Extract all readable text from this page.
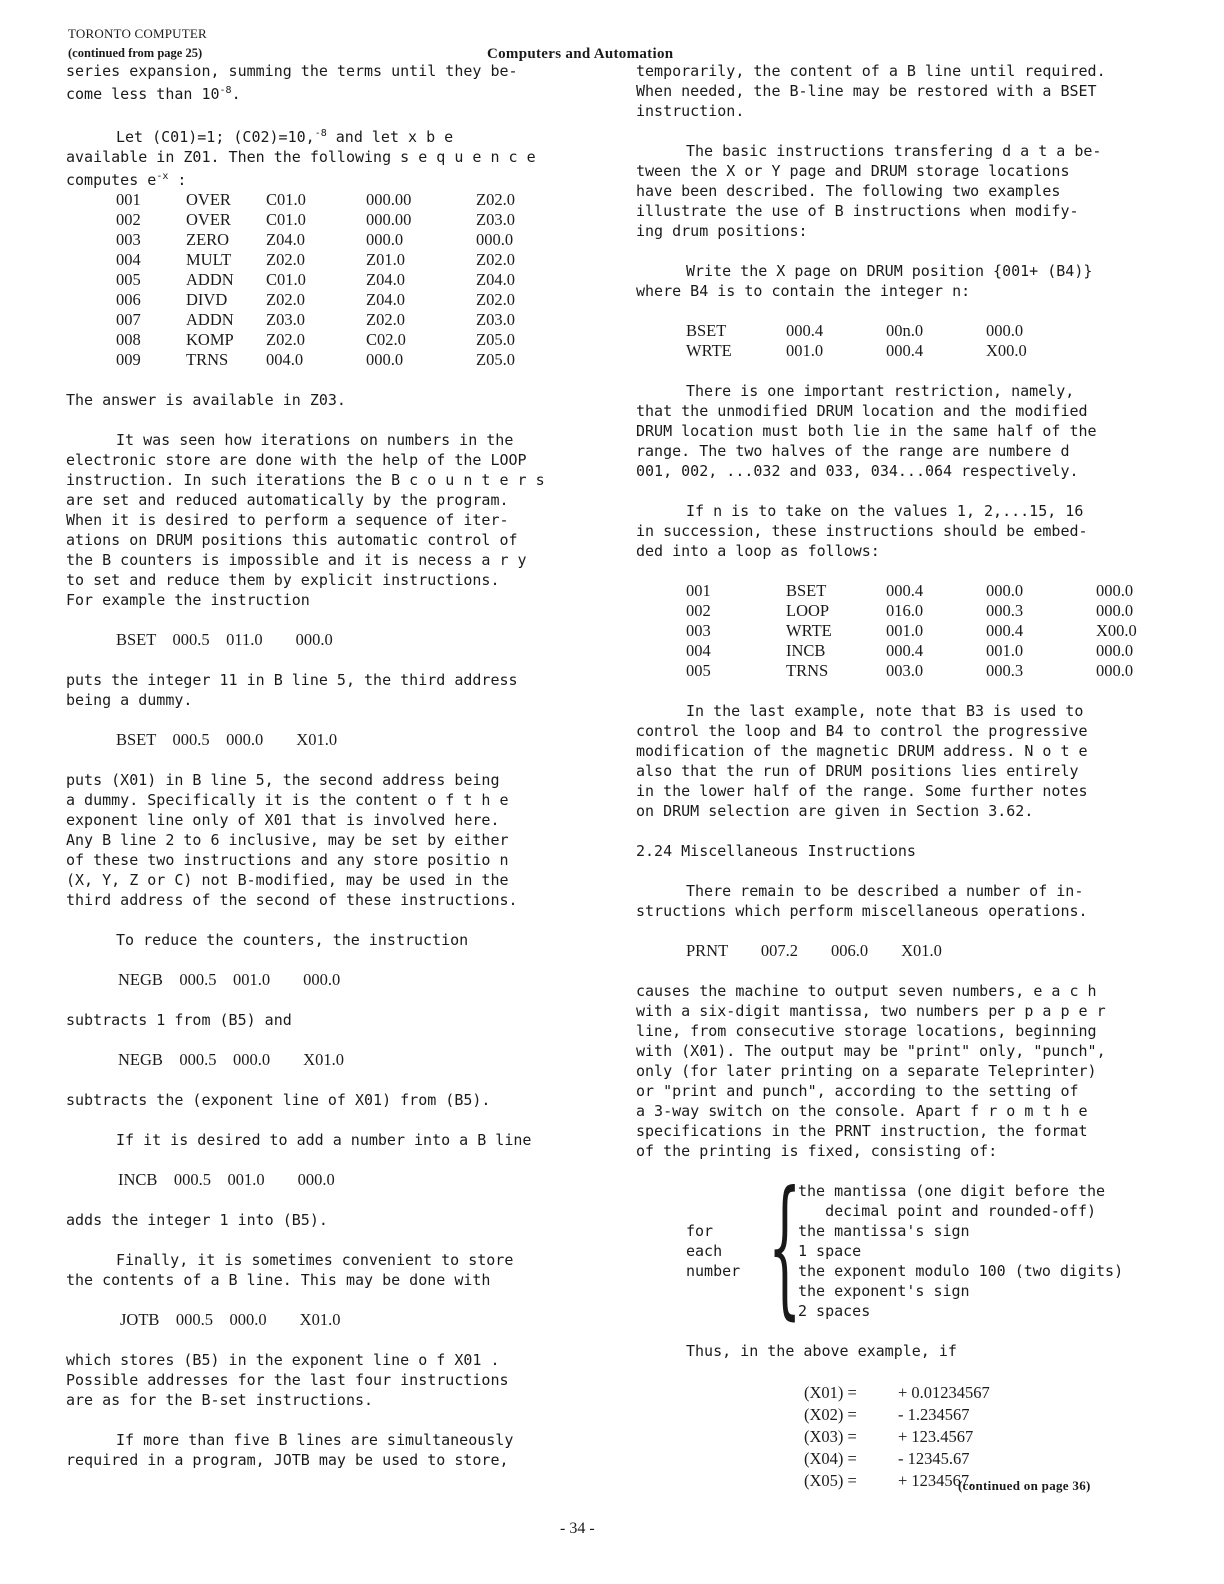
TORONTO COMPUTER
(continued from page 25)	Computers and Automation

series expansion, summing the terms until they be-

come less than $10^{-8}$.

Let (C01)=1; (C02)=10,$^{-8}$ and let x b e

available in Z01. Then the following s e q u e n c e

computes $e^{-x}$ :

001	OVER	C01.0	000.00	Z02.0
002	OVER	C01.0	000.00	Z03.0
003	ZERO	Z04.0	000.0	000.0
004	MULT	Z02.0	Z01.0	Z02.0
005	ADDN	C01.0	Z04.0	Z04.0
006	DIVD	Z02.0	Z04.0	Z02.0
007	ADDN	Z03.0	Z02.0	Z03.0
008	KOMP	Z02.0	C02.0	Z05.0
009	TRNS	004.0	000.0	Z05.0

The answer is available in Z03.

It was seen how iterations on numbers in the

electronic store are done with the help of the LOOP

instruction. In such iterations the B c o u n t e r s

are set and reduced automatically by the program.

When it is desired to perform a sequence of iter-

ations on DRUM positions this automatic control of

the B counters is impossible and it is necess a r y

to set and reduce them by explicit instructions.

For example the instruction

BSET    000.5    011.0        000.0

puts the integer 11 in B line 5, the third address

being a dummy.

BSET    000.5    000.0        X01.0

puts (X01) in B line 5, the second address being

a dummy. Specifically it is the content o f t h e

exponent line only of X01 that is involved here.

Any B line 2 to 6 inclusive, may be set by either

of these two instructions and any store positio n

(X, Y, Z or C) not B-modified, may be used in the

third address of the second of these instructions.

To reduce the counters, the instruction

NEGB    000.5    001.0        000.0

subtracts 1 from (B5) and

NEGB    000.5    000.0        X01.0

subtracts the (exponent line of X01) from (B5).

If it is desired to add a number into a B line

INCB    000.5    001.0        000.0

adds the integer 1 into (B5).

Finally, it is sometimes convenient to store

the contents of a B line. This may be done with

JOTB    000.5    000.0        X01.0

which stores (B5) in the exponent line o f X01 .

Possible addresses for the last four instructions

are as for the B-set instructions.

If more than five B lines are simultaneously

required in a program, JOTB may be used to store,

temporarily, the content of a B line until required.

When needed, the B-line may be restored with a BSET

instruction.

The basic instructions transfering d a t a be-

tween the X or Y page and DRUM storage locations

have been described. The following two examples

illustrate the use of B instructions when modify-

ing drum positions:

Write the X page on DRUM position {001+ (B4)}

where B4 is to contain the integer n:

BSET	000.4	00n.0	000.0
WRTE	001.0	000.4	X00.0

There is one important restriction, namely,

that the unmodified DRUM location and the modified

DRUM location must both lie in the same half of the

range. The two halves of the range are numbere d

001, 002, ...032 and 033, 034...064 respectively.

If n is to take on the values 1, 2,...15, 16

in succession, these instructions should be embed-

ded into a loop as follows:

001	BSET	000.4	000.0	000.0
002	LOOP	016.0	000.3	000.0
003	WRTE	001.0	000.4	X00.0
004	INCB	000.4	001.0	000.0
005	TRNS	003.0	000.3	000.0

In the last example, note that B3 is used to

control the loop and B4 to control the progressive

modification of the magnetic DRUM address. N o t e

also that the run of DRUM positions lies entirely

in the lower half of the range. Some further notes

on DRUM selection are given in Section 3.62.

2.24 Miscellaneous Instructions

There remain to be described a number of in-

structions which perform miscellaneous operations.

PRNT        007.2        006.0        X01.0

causes the machine to output seven numbers, e a c h

with a six-digit mantissa, two numbers per p a p e r

line, from consecutive storage locations, beginning

with (X01). The output may be "print" only, "punch",

only (for later printing on a separate Teleprinter)

or "print and punch", according to the setting of

a 3-way switch on the console. Apart f r o m t h e

specifications in the PRNT instruction, the format

of the printing is fixed, consisting of:

for
each
number {
the mantissa (one digit before the
decimal point and rounded-off)
the mantissa's sign
1 space
the exponent modulo 100 (two digits)
the exponent's sign
2 spaces

Thus, in the above example, if

(X01) =	+ 0.01234567
(X02) =	- 1.234567
(X03) =	+ 123.4567
(X04) =	- 12345.67
(X05) =	+ 1234567.
(continued on page 36)
- 34 -
